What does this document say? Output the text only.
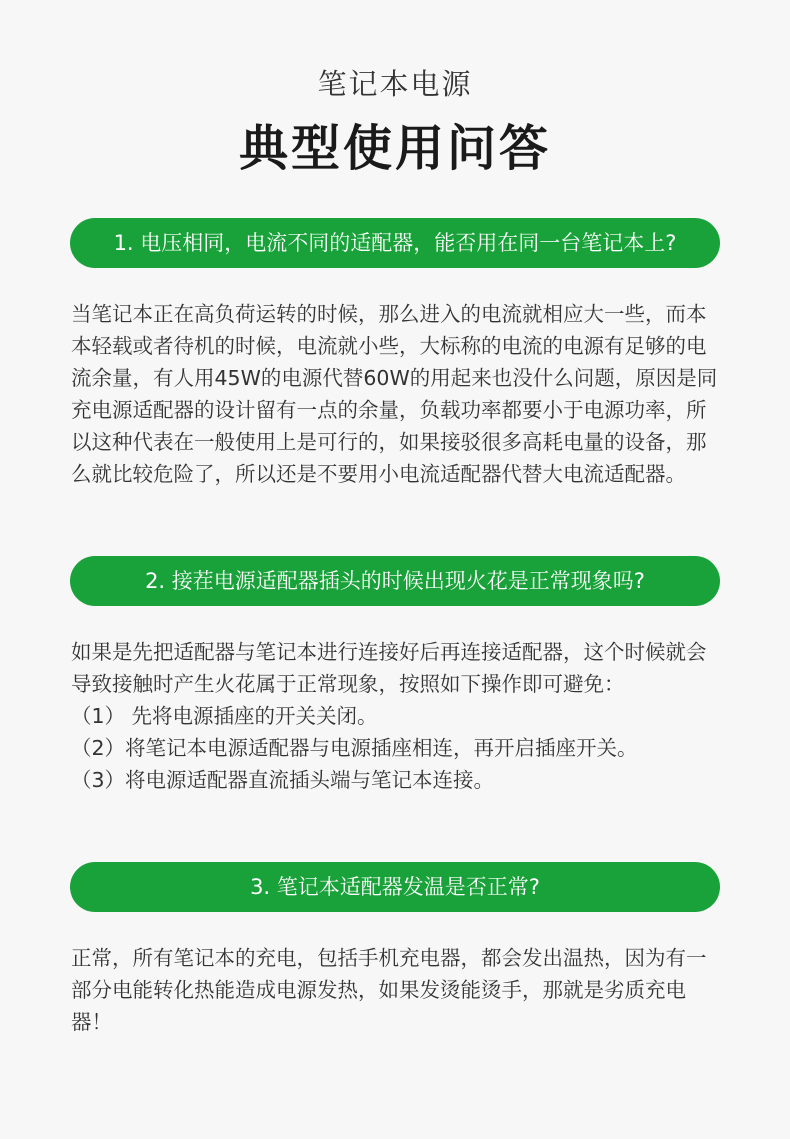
笔记本电源
典型使用问答
1. 电压相同，电流不同的适配器，能否用在同一台笔记本上?

当笔记本正在高负荷运转的时候，那么进入的电流就相应大一些，而本本轻载或者待机的时候，电流就小些，大标称的电流的电源有足够的电流余量，有人用45W的电源代替60W的用起来也没什么问题，原因是同充电源适配器的设计留有一点的余量，负载功率都要小于电源功率，所以这种代表在一般使用上是可行的，如果接驳很多高耗电量的设备，那么就比较危险了，所以还是不要用小电流适配器代替大电流适配器。

2. 接茬电源适配器插头的时候出现火花是正常现象吗?

如果是先把适配器与笔记本进行连接好后再连接适配器，这个时候就会导致接触时产生火花属于正常现象，按照如下操作即可避免：

（1） 先将电源插座的开关关闭。

（2）将笔记本电源适配器与电源插座相连，再开启插座开关。

（3）将电源适配器直流插头端与笔记本连接。

3. 笔记本适配器发温是否正常?

正常，所有笔记本的充电，包括手机充电器，都会发出温热，因为有一部分电能转化热能造成电源发热，如果发烫能烫手，那就是劣质充电器！
